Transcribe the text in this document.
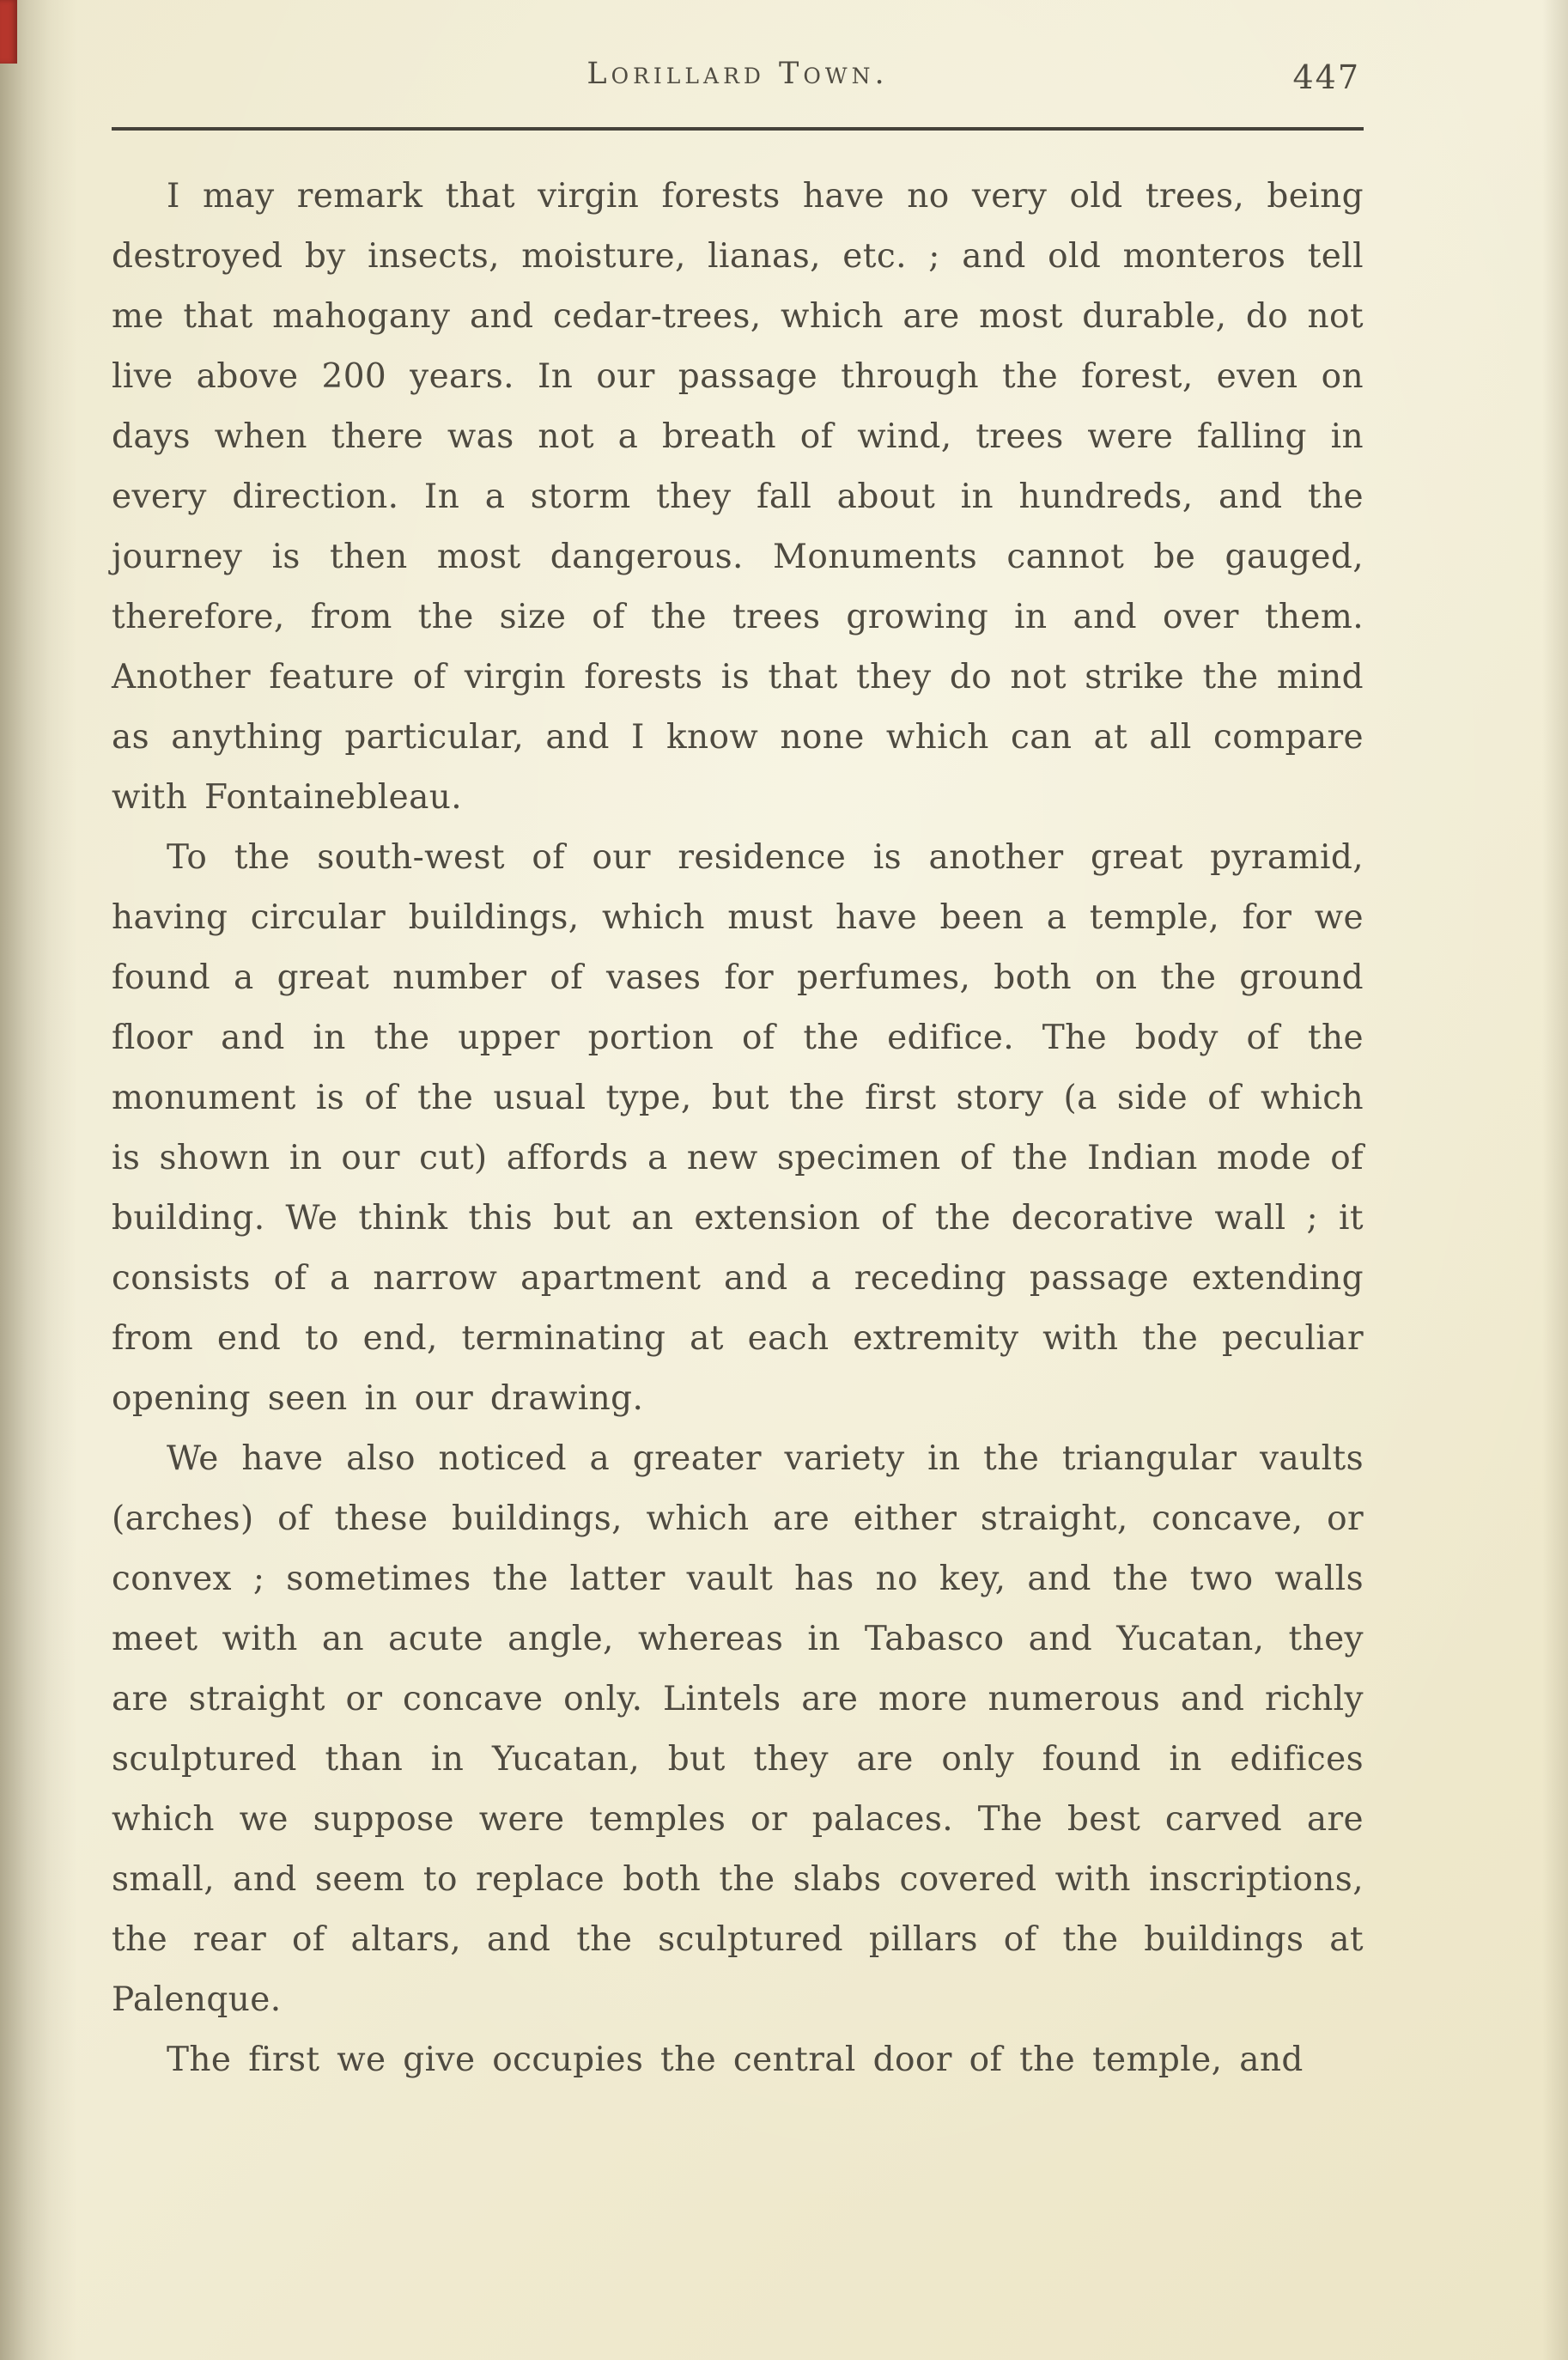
Lorillard Town.	447

I may remark that virgin forests have no very old trees, being destroyed by insects, moisture, lianas, etc. ; and old monteros tell me that mahogany and cedar-trees, which are most durable, do not live above 200 years. In our passage through the forest, even on days when there was not a breath of wind, trees were falling in every direction. In a storm they fall about in hundreds, and the journey is then most dangerous. Monuments cannot be gauged, therefore, from the size of the trees growing in and over them. Another feature of virgin forests is that they do not strike the mind as anything particular, and I know none which can at all compare with Fontainebleau.

To the south-west of our residence is another great pyramid, having circular buildings, which must have been a temple, for we found a great number of vases for perfumes, both on the ground floor and in the upper portion of the edifice. The body of the monument is of the usual type, but the first story (a side of which is shown in our cut) affords a new specimen of the Indian mode of building. We think this but an extension of the decorative wall ; it consists of a narrow apartment and a receding passage extending from end to end, terminating at each extremity with the peculiar opening seen in our drawing.

We have also noticed a greater variety in the triangular vaults (arches) of these buildings, which are either straight, concave, or convex ; sometimes the latter vault has no key, and the two walls meet with an acute angle, whereas in Tabasco and Yucatan, they are straight or concave only. Lintels are more numerous and richly sculptured than in Yucatan, but they are only found in edifices which we suppose were temples or palaces. The best carved are small, and seem to replace both the slabs covered with inscriptions, the rear of altars, and the sculptured pillars of the buildings at Palenque.

The first we give occupies the central door of the temple, and
